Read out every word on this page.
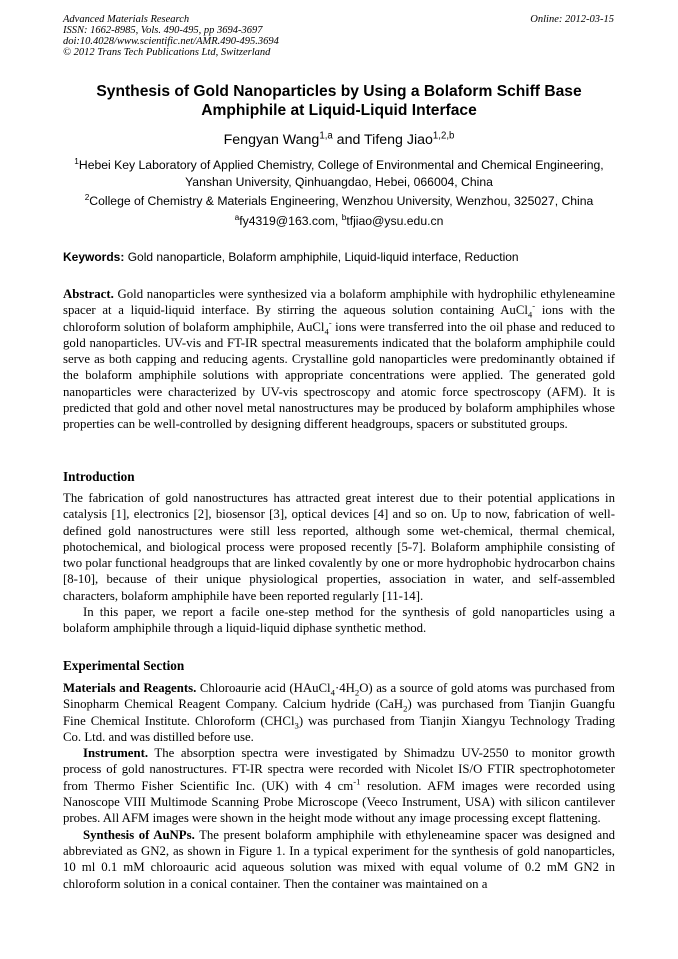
Advanced Materials Research
ISSN: 1662-8985, Vols. 490-495, pp 3694-3697
doi:10.4028/www.scientific.net/AMR.490-495.3694
© 2012 Trans Tech Publications Ltd, Switzerland
Online: 2012-03-15
Synthesis of Gold Nanoparticles by Using a Bolaform Schiff Base Amphiphile at Liquid-Liquid Interface
Fengyan Wang$^{1,a}$ and Tifeng Jiao$^{1,2,b}$
$^1$Hebei Key Laboratory of Applied Chemistry, College of Environmental and Chemical Engineering, Yanshan University, Qinhuangdao, Hebei, 066004, China
$^2$College of Chemistry & Materials Engineering, Wenzhou University, Wenzhou, 325027, China
$^a$fy4319@163.com, $^b$tfjiao@ysu.edu.cn
Keywords: Gold nanoparticle, Bolaform amphiphile, Liquid-liquid interface, Reduction

Abstract. Gold nanoparticles were synthesized via a bolaform amphiphile with hydrophilic ethyleneamine spacer at a liquid-liquid interface. By stirring the aqueous solution containing AuCl$_4$- ions with the chloroform solution of bolaform amphiphile, AuCl$_4$- ions were transferred into the oil phase and reduced to gold nanoparticles. UV-vis and FT-IR spectral measurements indicated that the bolaform amphiphile could serve as both capping and reducing agents. Crystalline gold nanoparticles were predominantly obtained if the bolaform amphiphile solutions with appropriate concentrations were applied. The generated gold nanoparticles were characterized by UV-vis spectroscopy and atomic force spectroscopy (AFM). It is predicted that gold and other novel metal nanostructures may be produced by bolaform amphiphiles whose properties can be well-controlled by designing different headgroups, spacers or substituted groups.

Introduction

The fabrication of gold nanostructures has attracted great interest due to their potential applications in catalysis [1], electronics [2], biosensor [3], optical devices [4] and so on. Up to now, fabrication of well-defined gold nanostructures were still less reported, although some wet-chemical, thermal chemical, photochemical, and biological process were proposed recently [5-7]. Bolaform amphiphile consisting of two polar functional headgroups that are linked covalently by one or more hydrophobic hydrocarbon chains [8-10], because of their unique physiological properties, association in water, and self-assembled characters, bolaform amphiphile have been reported regularly [11-14].

In this paper, we report a facile one-step method for the synthesis of gold nanoparticles using a bolaform amphiphile through a liquid-liquid diphase synthetic method.

Experimental Section

Materials and Reagents. Chloroaurie acid $(HAuCl_4\cdot 4H_2O)$ as a source of gold atoms was purchased from Sinopharm Chemical Reagent Company. Calcium hydride (CaH$_2$) was purchased from Tianjin Guangfu Fine Chemical Institute. Chloroform (CHCl$_3$) was purchased from Tianjin Xiangyu Technology Trading Co. Ltd. and was distilled before use.

Instrument. The absorption spectra were investigated by Shimadzu UV-2550 to monitor growth process of gold nanostructures. FT-IR spectra were recorded with Nicolet IS/O FTIR spectrophotometer from Thermo Fisher Scientific Inc. (UK) with 4 $cm^{-1}$ resolution. AFM images were recorded using Nanoscope VIII Multimode Scanning Probe Microscope (Veeco Instrument, USA) with silicon cantilever probes. All AFM images were shown in the height mode without any image processing except flattening.

Synthesis of AuNPs. The present bolaform amphiphile with ethyleneamine spacer was designed and abbreviated as GN2, as shown in Figure 1. In a typical experiment for the synthesis of gold nanoparticles, 10 ml 0.1 mM chloroauric acid aqueous solution was mixed with equal volume of 0.2 mM GN2 in chloroform solution in a conical container. Then the container was maintained on a
